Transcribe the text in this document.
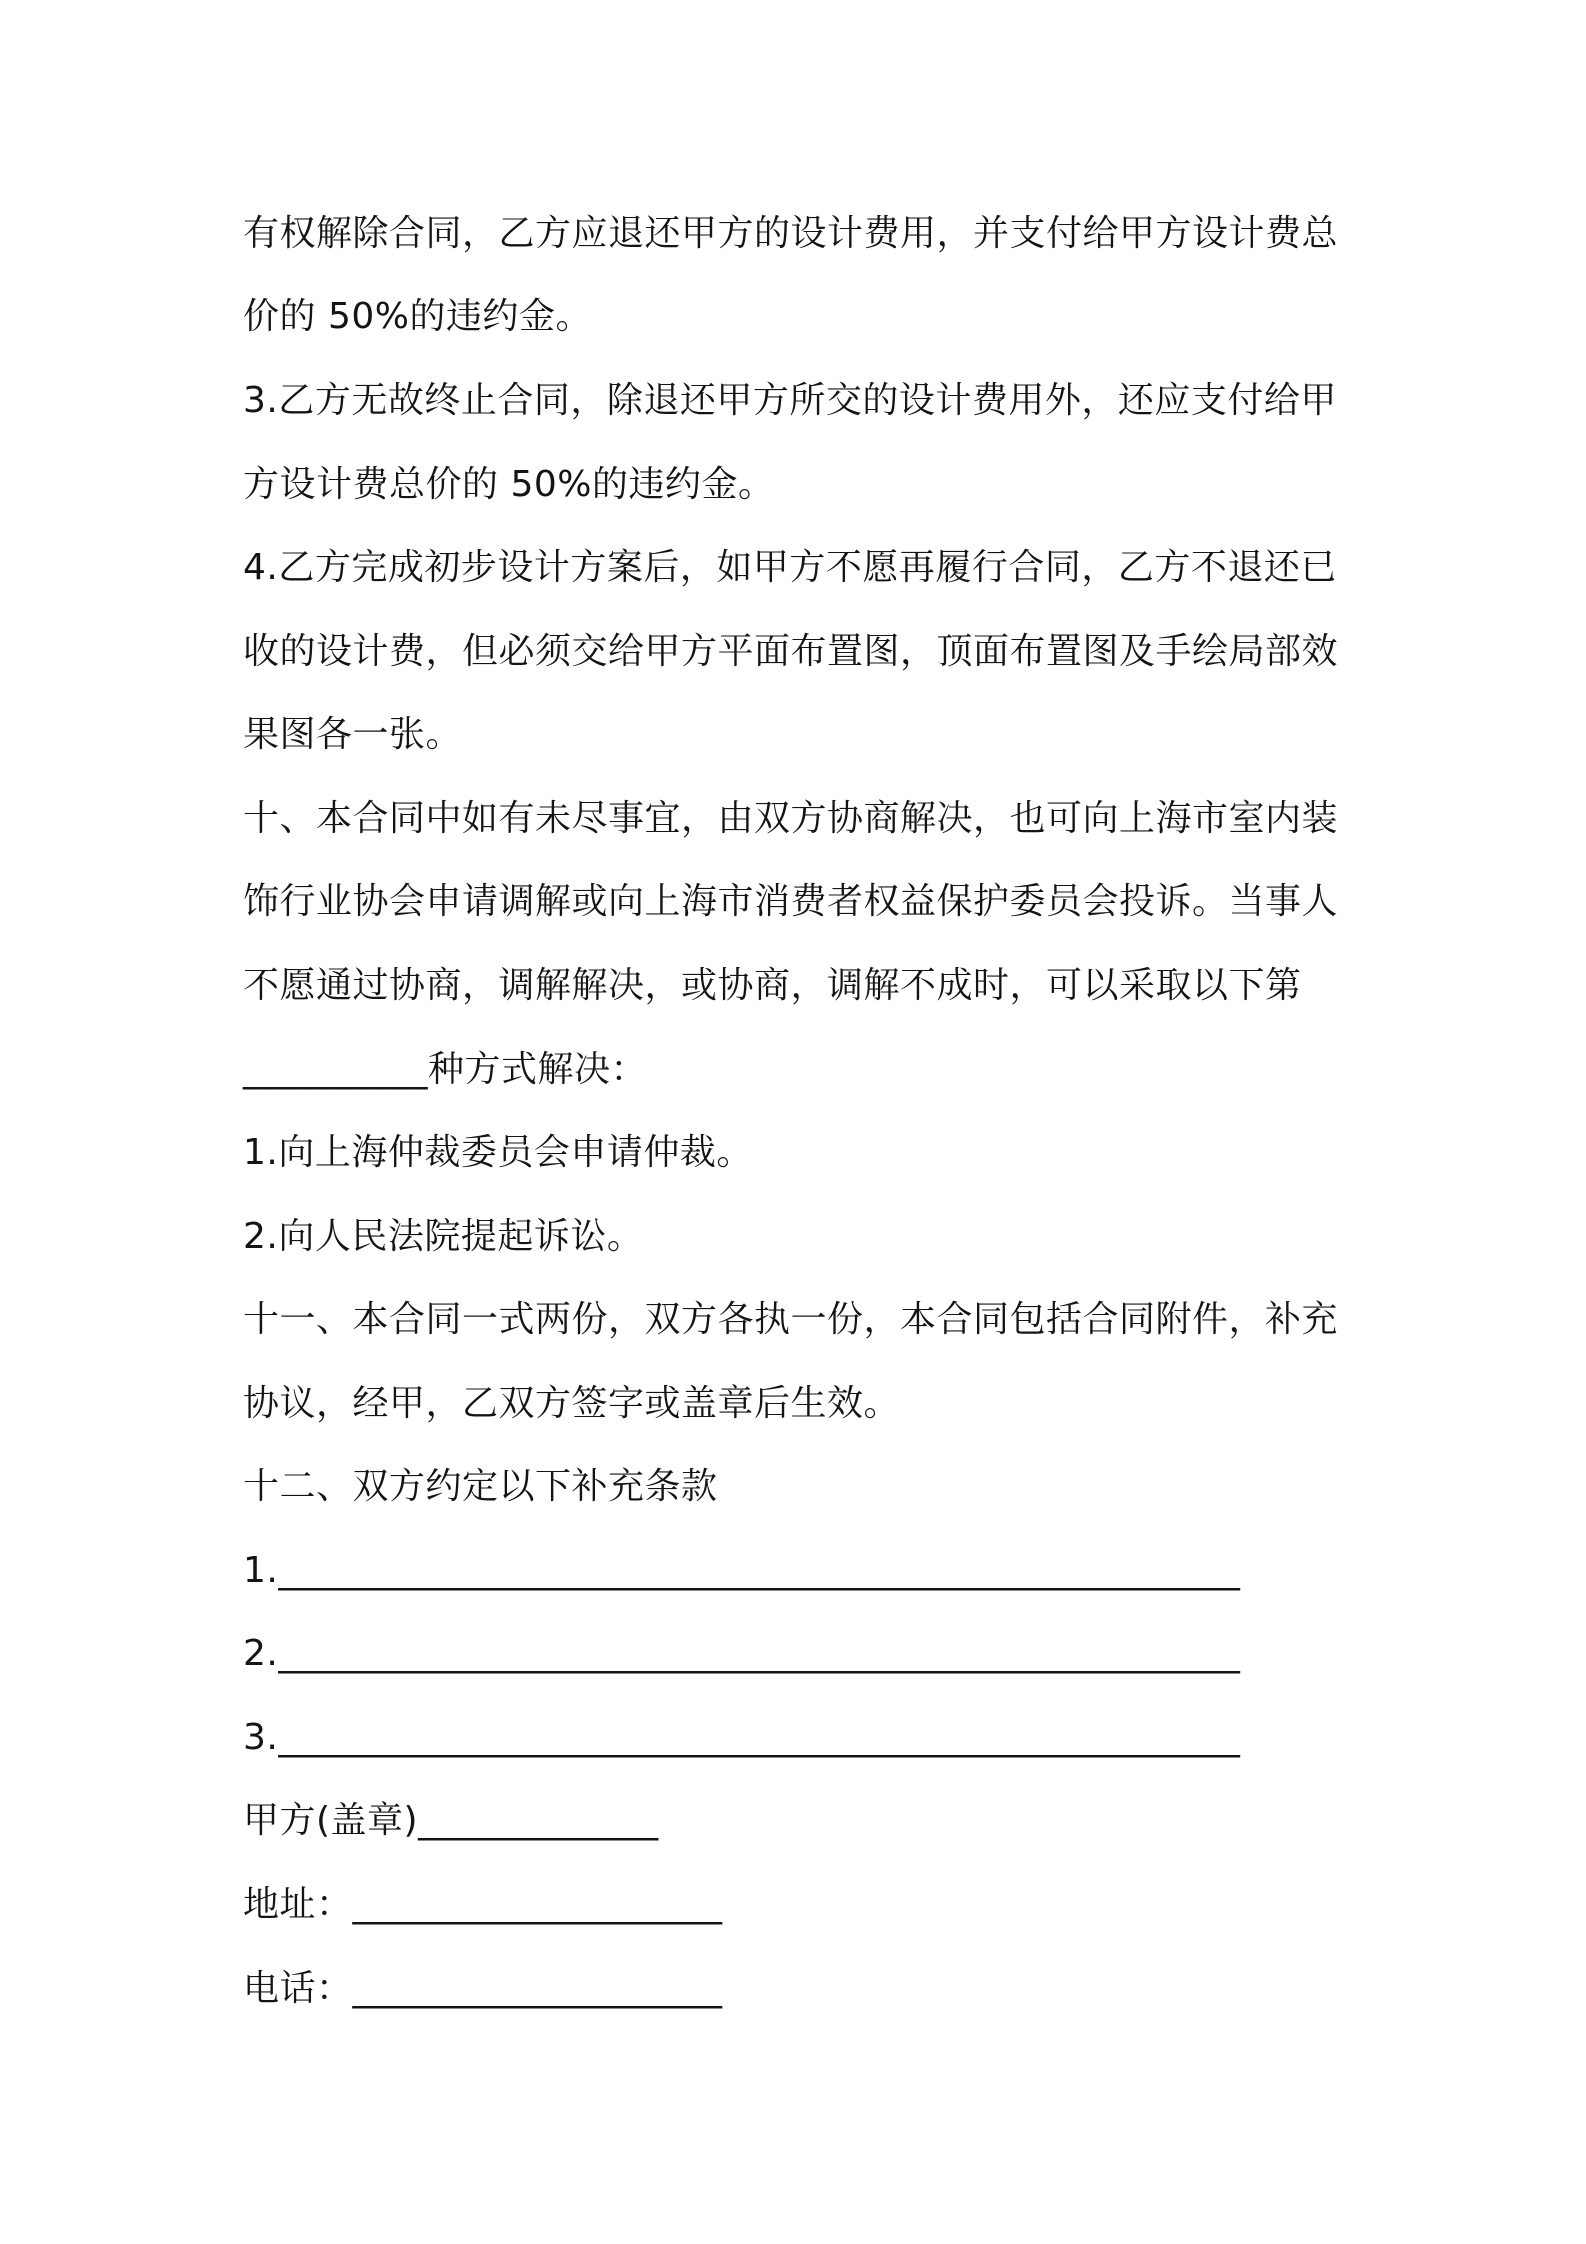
有权解除合同，乙方应退还甲方的设计费用，并支付给甲方设计费总
价的 50%的违约金。
3.乙方无故终止合同，除退还甲方所交的设计费用外，还应支付给甲
方设计费总价的 50%的违约金。
4.乙方完成初步设计方案后，如甲方不愿再履行合同，乙方不退还已
收的设计费，但必须交给甲方平面布置图，顶面布置图及手绘局部效
果图各一张。
十、本合同中如有未尽事宜，由双方协商解决，也可向上海市室内装
饰行业协会申请调解或向上海市消费者权益保护委员会投诉。当事人
不愿通过协商，调解解决，或协商，调解不成时，可以采取以下第
__________种方式解决：
1.向上海仲裁委员会申请仲裁。
2.向人民法院提起诉讼。
十一、本合同一式两份，双方各执一份，本合同包括合同附件，补充
协议，经甲，乙双方签字或盖章后生效。
十二、双方约定以下补充条款
1.____________________________________________________
2.____________________________________________________
3.____________________________________________________
甲方(盖章)_____________
地址：____________________
电话：____________________
